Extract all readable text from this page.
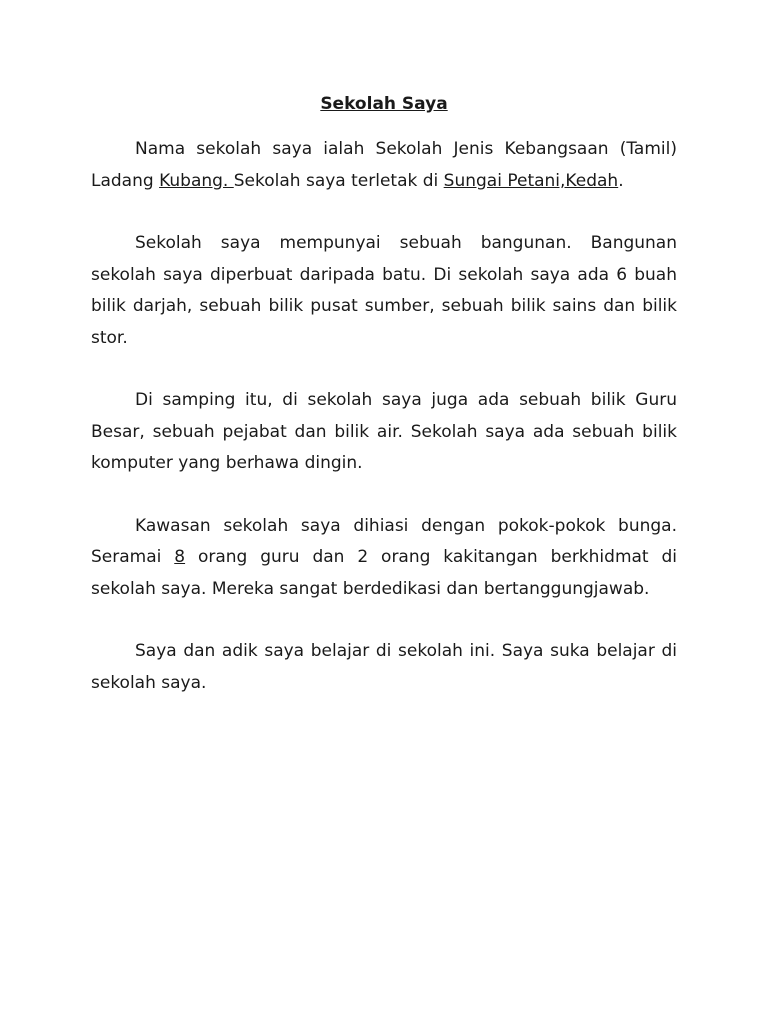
Sekolah Saya

Nama sekolah saya ialah Sekolah Jenis Kebangsaan (Tamil) Ladang Kubang. Sekolah saya terletak di Sungai Petani,Kedah.

Sekolah saya mempunyai sebuah bangunan. Bangunan sekolah saya diperbuat daripada batu. Di sekolah saya ada 6 buah bilik darjah, sebuah bilik pusat sumber, sebuah bilik sains dan bilik stor.

Di samping itu, di sekolah saya juga ada sebuah bilik Guru Besar, sebuah pejabat dan bilik air. Sekolah saya ada sebuah bilik komputer yang berhawa dingin.

Kawasan sekolah saya dihiasi dengan pokok-pokok bunga. Seramai 8 orang guru dan 2 orang kakitangan berkhidmat di sekolah saya. Mereka sangat berdedikasi dan bertanggungjawab.

Saya dan adik saya belajar di sekolah ini. Saya suka belajar di sekolah saya.
